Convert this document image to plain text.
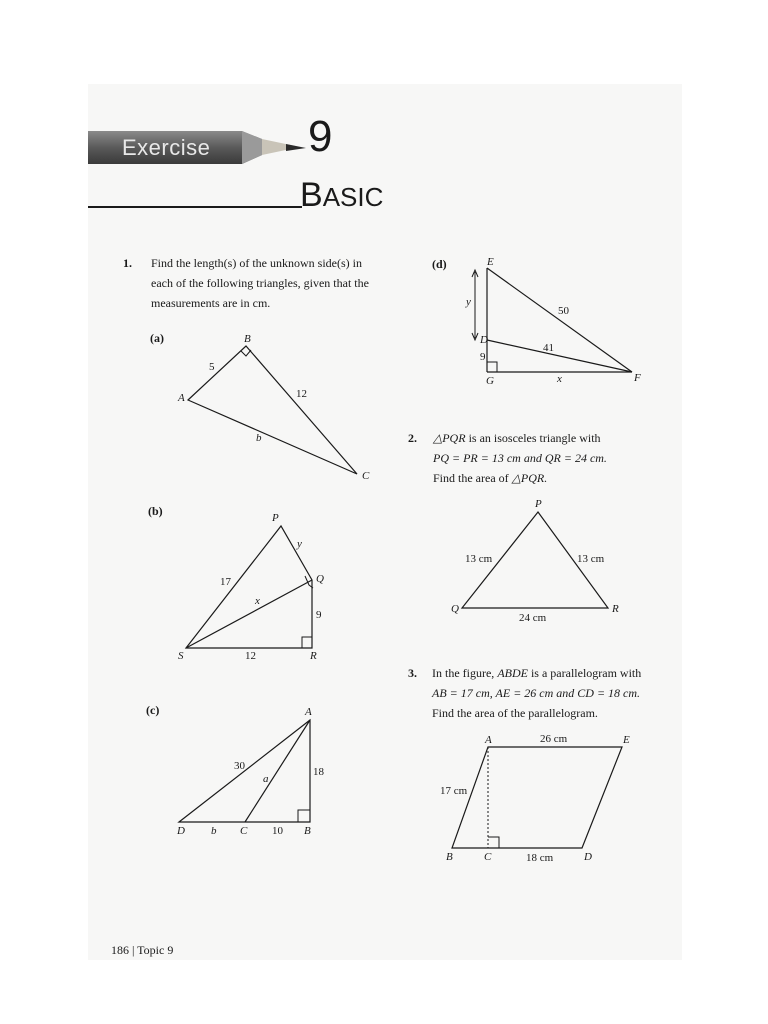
Exercise 9
BASIC
1. Find the length(s) of the unknown side(s) in
each of the following triangles, given that the
measurements are in cm.
(a)
A
B
C
5
12
b
(b)	P
Q
R
S
17
y
9
12
x
(c)	A
B
C
D
30
a
18
b	10
(d)	E
D
G	F
50
41
9
x
y
2. △PQR is an isosceles triangle with
PQ = PR = 13 cm and QR = 24 cm.
Find the area of △PQR.
P
Q	R
13 cm	13 cm
24 cm
3. In the figure, ABDE is a parallelogram with
AB = 17 cm, AE = 26 cm and CD = 18 cm.
Find the area of the parallelogram.
A	E
B	C	D
26 cm
17 cm
18 cm
186 | Topic 9
